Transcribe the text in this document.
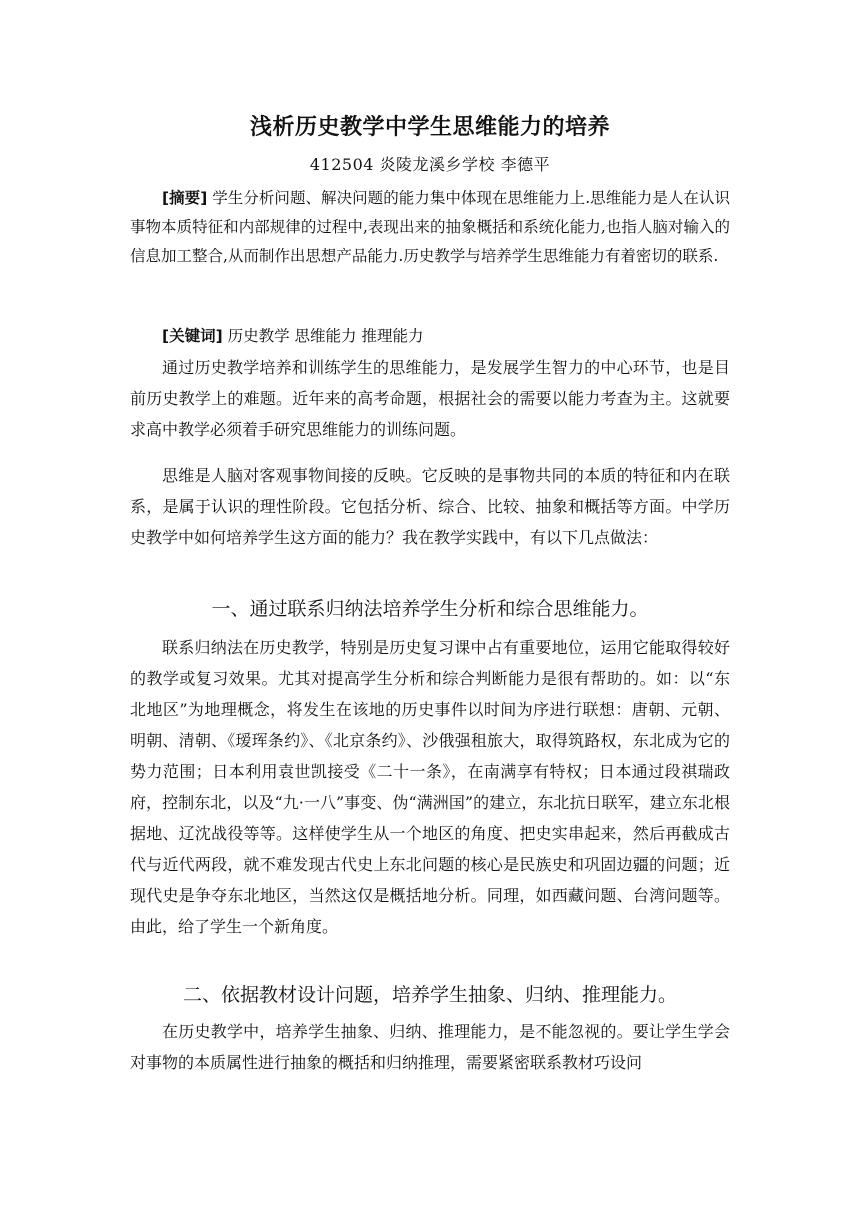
浅析历史教学中学生思维能力的培养
412504 炎陵龙溪乡学校 李德平
[摘要] 学生分析问题、解决问题的能力集中体现在思维能力上.思维能力是人在认识事物本质特征和内部规律的过程中,表现出来的抽象概括和系统化能力,也指人脑对输入的信息加工整合,从而制作出思想产品能力.历史教学与培养学生思维能力有着密切的联系.
[关键词] 历史教学 思维能力 推理能力

通过历史教学培养和训练学生的思维能力，是发展学生智力的中心环节，也是目前历史教学上的难题。近年来的高考命题，根据社会的需要以能力考查为主。这就要求高中教学必须着手研究思维能力的训练问题。

思维是人脑对客观事物间接的反映。它反映的是事物共同的本质的特征和内在联系，是属于认识的理性阶段。它包括分析、综合、比较、抽象和概括等方面。中学历史教学中如何培养学生这方面的能力？我在教学实践中，有以下几点做法：

一、通过联系归纳法培养学生分析和综合思维能力。

联系归纳法在历史教学，特别是历史复习课中占有重要地位，运用它能取得较好的教学或复习效果。尤其对提高学生分析和综合判断能力是很有帮助的。如：以“东北地区”为地理概念，将发生在该地的历史事件以时间为序进行联想：唐朝、元朝、明朝、清朝、《瑷珲条约》、《北京条约》、沙俄强租旅大，取得筑路权，东北成为它的势力范围；日本利用袁世凯接受《二十一条》，在南满享有特权；日本通过段祺瑞政府，控制东北，以及“九·一八”事变、伪“满洲国”的建立，东北抗日联军，建立东北根据地、辽沈战役等等。这样使学生从一个地区的角度、把史实串起来，然后再截成古代与近代两段，就不难发现古代史上东北问题的核心是民族史和巩固边疆的问题；近现代史是争夺东北地区，当然这仅是概括地分析。同理，如西藏问题、台湾问题等。由此，给了学生一个新角度。

二、依据教材设计问题，培养学生抽象、归纳、推理能力。

在历史教学中，培养学生抽象、归纳、推理能力，是不能忽视的。要让学生学会对事物的本质属性进行抽象的概括和归纳推理，需要紧密联系教材巧设问
